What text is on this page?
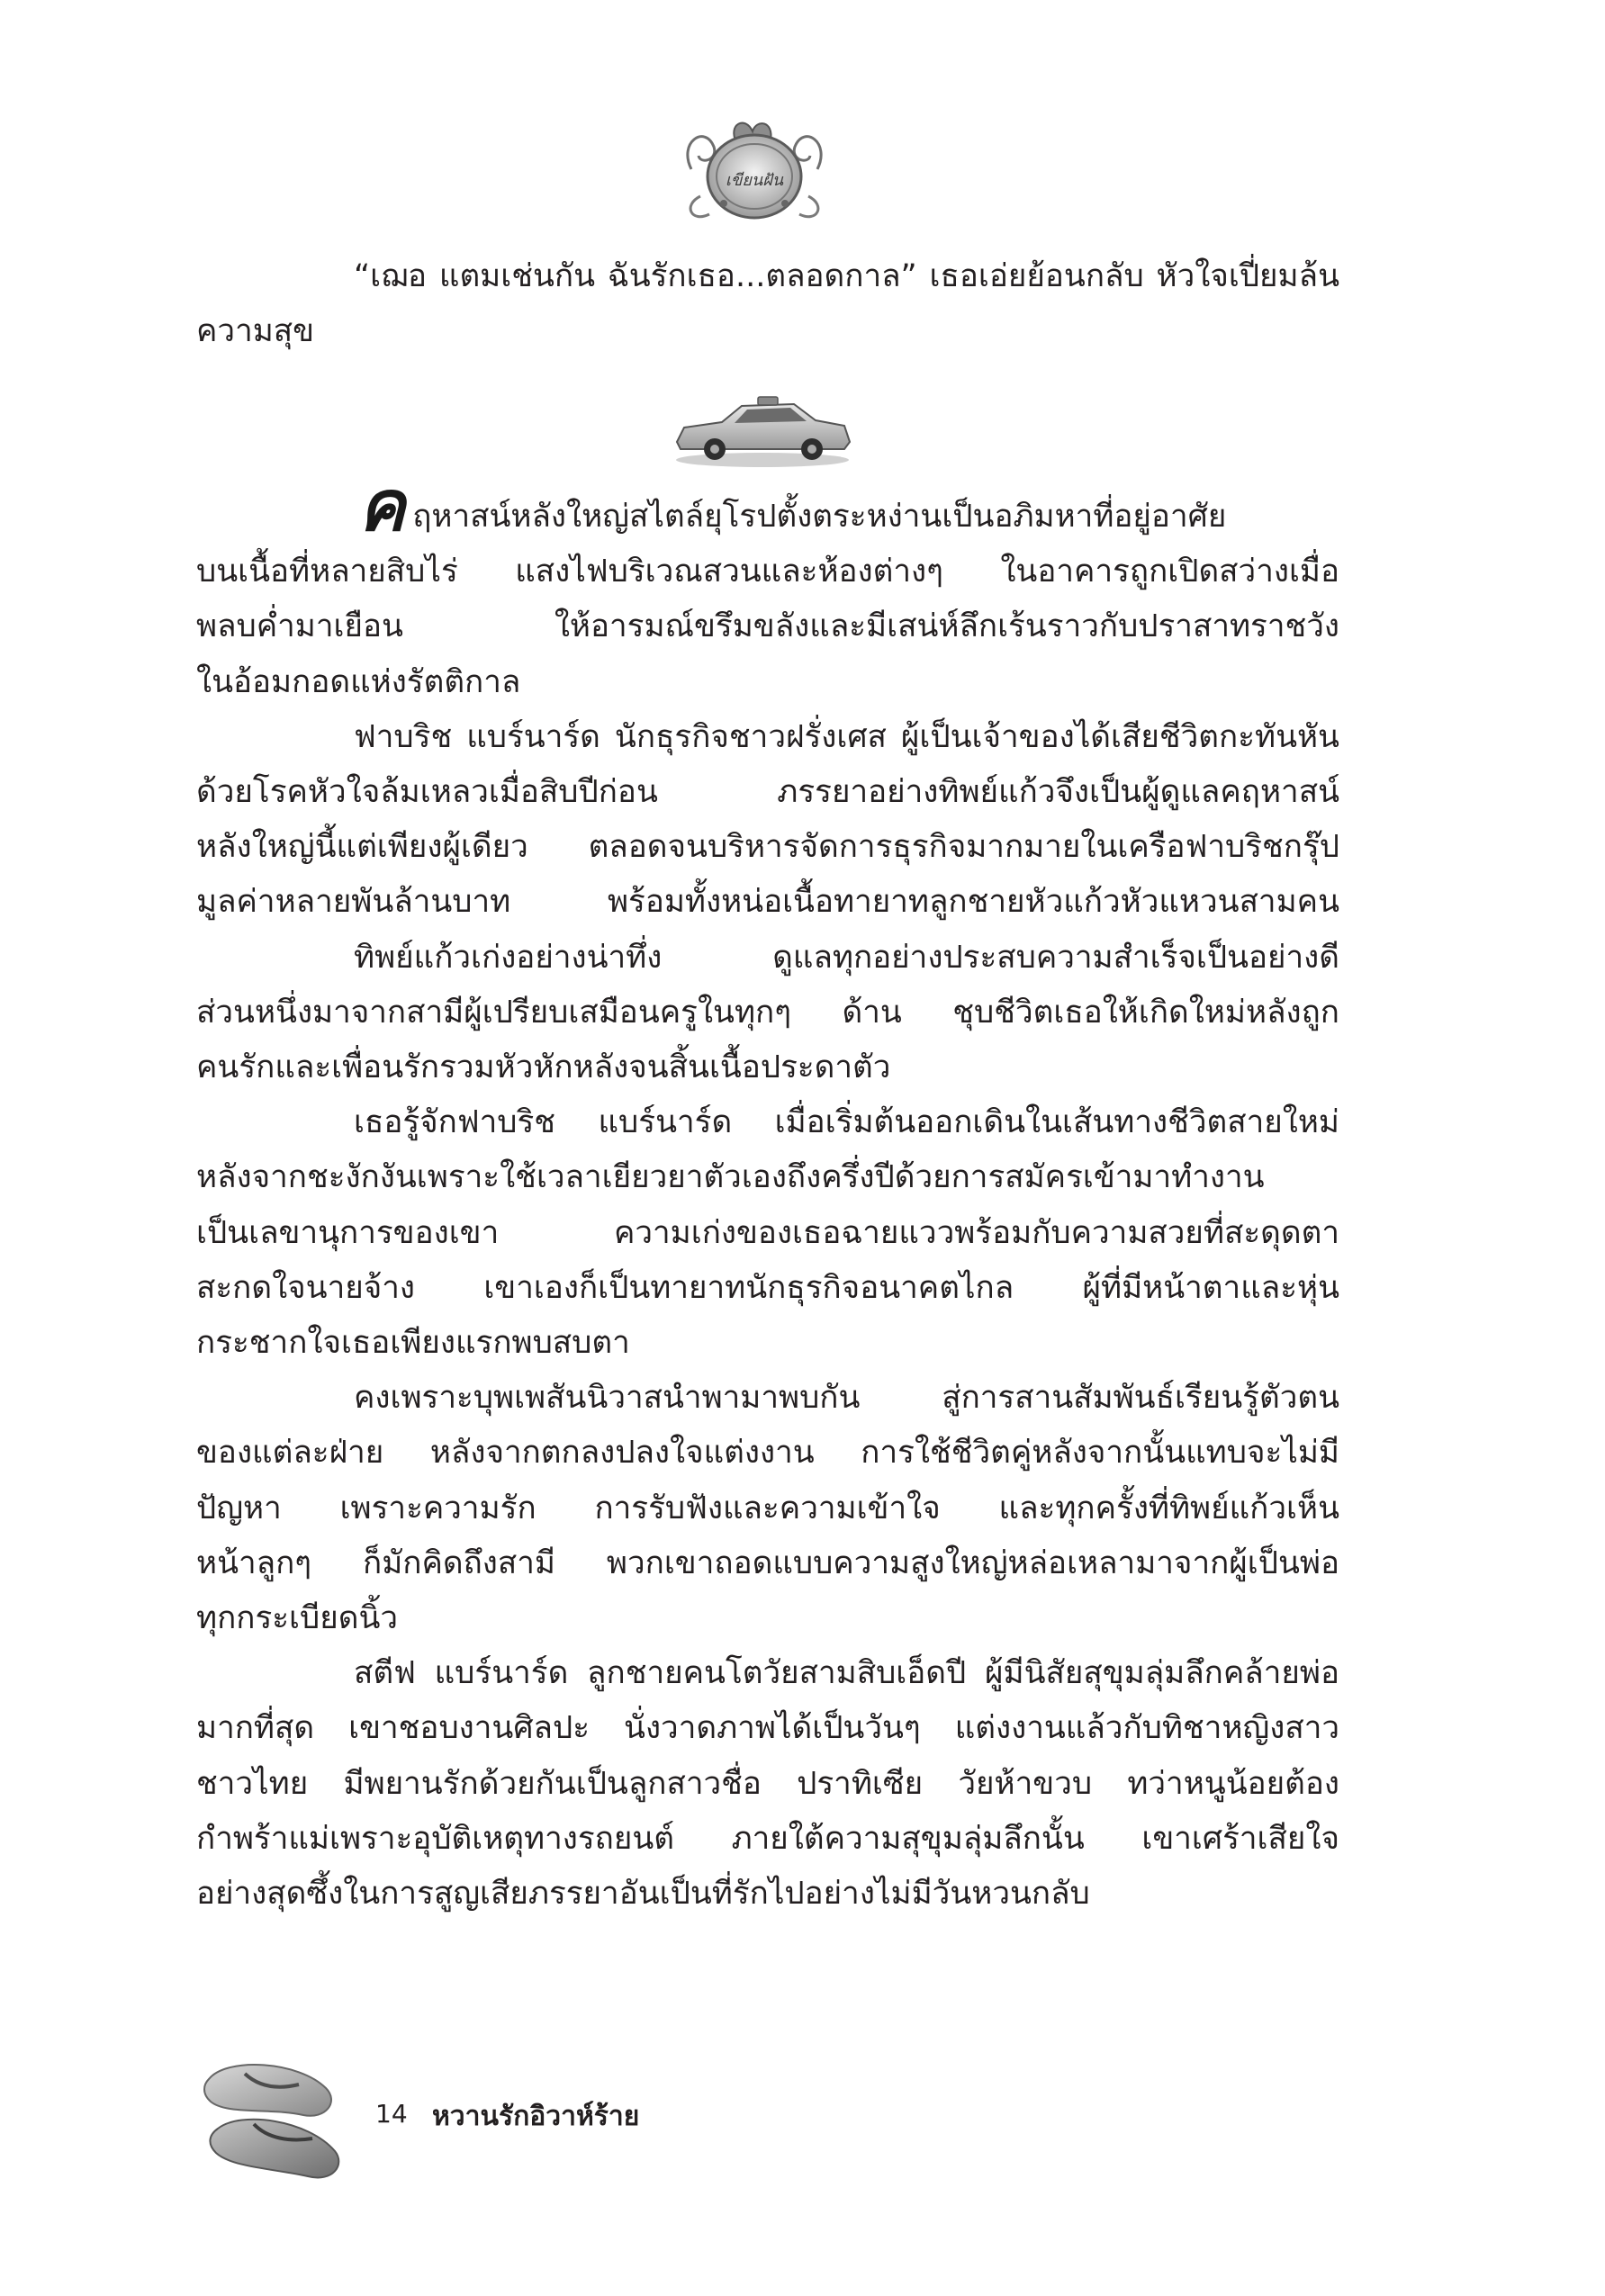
เขียนฝัน
“เฌอ แตมเช่นกัน ฉันรักเธอ...ตลอดกาล” เธอเอ่ยย้อนกลับ หัวใจเปี่ยมล้น
ความสุข
คฤหาสน์หลังใหญ่สไตล์ยุโรปตั้งตระหง่านเป็นอภิมหาที่อยู่อาศัย
บนเนื้อที่หลายสิบไร่ แสงไฟบริเวณสวนและห้องต่างๆ ในอาคารถูกเปิดสว่างเมื่อ
พลบค่ำมาเยือน ให้อารมณ์ขรึมขลังและมีเสน่ห์ลึกเร้นราวกับปราสาทราชวัง
ในอ้อมกอดแห่งรัตติกาล
ฟาบริช แบร์นาร์ด นักธุรกิจชาวฝรั่งเศส ผู้เป็นเจ้าของได้เสียชีวิตกะทันหัน
ด้วยโรคหัวใจล้มเหลวเมื่อสิบปีก่อน ภรรยาอย่างทิพย์แก้วจึงเป็นผู้ดูแลคฤหาสน์
หลังใหญ่นี้แต่เพียงผู้เดียว ตลอดจนบริหารจัดการธุรกิจมากมายในเครือฟาบริชกรุ๊ป
มูลค่าหลายพันล้านบาท พร้อมทั้งหน่อเนื้อทายาทลูกชายหัวแก้วหัวแหวนสามคน
ทิพย์แก้วเก่งอย่างน่าทึ่ง ดูแลทุกอย่างประสบความสำเร็จเป็นอย่างดี
ส่วนหนึ่งมาจากสามีผู้เปรียบเสมือนครูในทุกๆ ด้าน ชุบชีวิตเธอให้เกิดใหม่หลังถูก
คนรักและเพื่อนรักรวมหัวหักหลังจนสิ้นเนื้อประดาตัว
เธอรู้จักฟาบริช แบร์นาร์ด เมื่อเริ่มต้นออกเดินในเส้นทางชีวิตสายใหม่
หลังจากชะงักงันเพราะใช้เวลาเยียวยาตัวเองถึงครึ่งปีด้วยการสมัครเข้ามาทำงาน
เป็นเลขานุการของเขา ความเก่งของเธอฉายแววพร้อมกับความสวยที่สะดุดตา
สะกดใจนายจ้าง เขาเองก็เป็นทายาทนักธุรกิจอนาคตไกล ผู้ที่มีหน้าตาและหุ่น
กระชากใจเธอเพียงแรกพบสบตา
คงเพราะบุพเพสันนิวาสนำพามาพบกัน สู่การสานสัมพันธ์เรียนรู้ตัวตน
ของแต่ละฝ่าย หลังจากตกลงปลงใจแต่งงาน การใช้ชีวิตคู่หลังจากนั้นแทบจะไม่มี
ปัญหา เพราะความรัก การรับฟังและความเข้าใจ และทุกครั้งที่ทิพย์แก้วเห็น
หน้าลูกๆ ก็มักคิดถึงสามี พวกเขาถอดแบบความสูงใหญ่หล่อเหลามาจากผู้เป็นพ่อ
ทุกกระเบียดนิ้ว
สตีฟ แบร์นาร์ด ลูกชายคนโตวัยสามสิบเอ็ดปี ผู้มีนิสัยสุขุมลุ่มลึกคล้ายพ่อ
มากที่สุด เขาชอบงานศิลปะ นั่งวาดภาพได้เป็นวันๆ แต่งงานแล้วกับทิชาหญิงสาว
ชาวไทย มีพยานรักด้วยกันเป็นลูกสาวชื่อ ปราทิเซีย วัยห้าขวบ ทว่าหนูน้อยต้อง
กำพร้าแม่เพราะอุบัติเหตุทางรถยนต์ ภายใต้ความสุขุมลุ่มลึกนั้น เขาเศร้าเสียใจ
อย่างสุดซึ้งในการสูญเสียภรรยาอันเป็นที่รักไปอย่างไม่มีวันหวนกลับ
14 หวานรักอิวาห์ร้าย
